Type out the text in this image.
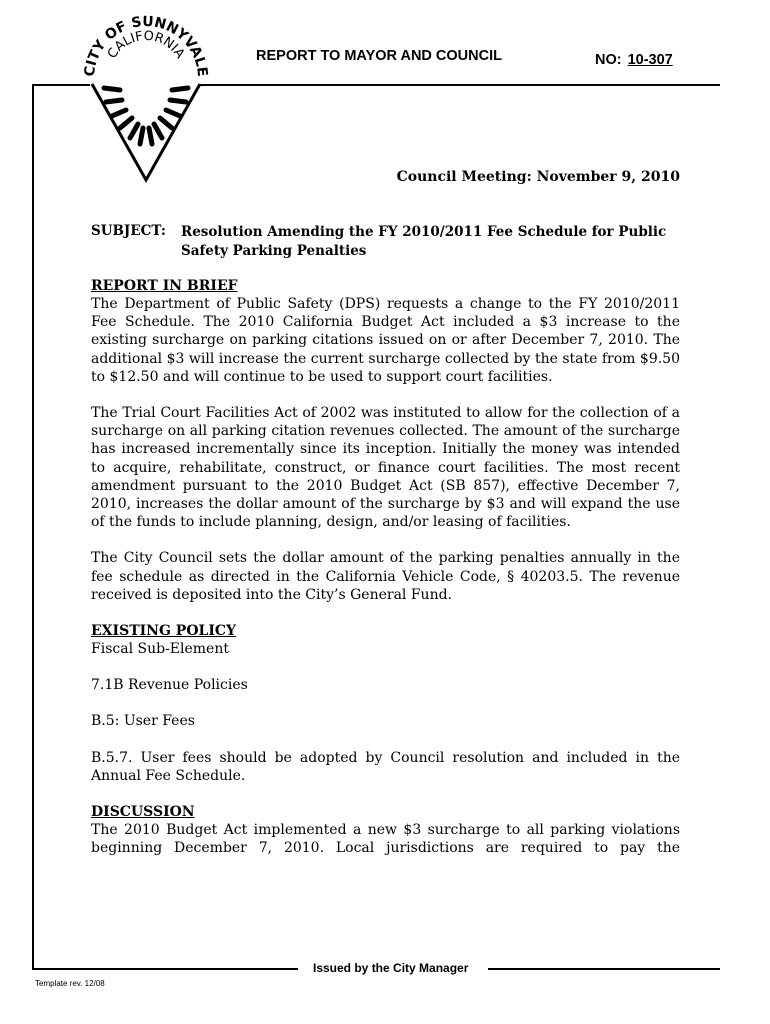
CITY OF SUNNYVALE
CALIFORNIA	REPORT TO MAYOR AND COUNCIL	NO: 10-307
Council Meeting: November 9, 2010
SUBJECT: Resolution Amending the FY 2010/2011 Fee Schedule for Public Safety Parking Penalties
REPORT IN BRIEF

The Department of Public Safety (DPS) requests a change to the FY 2010/2011 Fee Schedule. The 2010 California Budget Act included a $3 increase to the existing surcharge on parking citations issued on or after December 7, 2010. The additional $3 will increase the current surcharge collected by the state from $9.50 to $12.50 and will continue to be used to support court facilities.

The Trial Court Facilities Act of 2002 was instituted to allow for the collection of a surcharge on all parking citation revenues collected. The amount of the surcharge has increased incrementally since its inception. Initially the money was intended to acquire, rehabilitate, construct, or finance court facilities. The most recent amendment pursuant to the 2010 Budget Act (SB 857), effective December 7, 2010, increases the dollar amount of the surcharge by $3 and will expand the use of the funds to include planning, design, and/or leasing of facilities.

The City Council sets the dollar amount of the parking penalties annually in the fee schedule as directed in the California Vehicle Code, § 40203.5. The revenue received is deposited into the City’s General Fund.

EXISTING POLICY

Fiscal Sub-Element

7.1B Revenue Policies

B.5: User Fees

B.5.7. User fees should be adopted by Council resolution and included in the Annual Fee Schedule.

DISCUSSION

The 2010 Budget Act implemented a new $3 surcharge to all parking violations beginning December 7, 2010. Local jurisdictions are required to pay the

Issued by the City Manager
Template rev. 12/08
